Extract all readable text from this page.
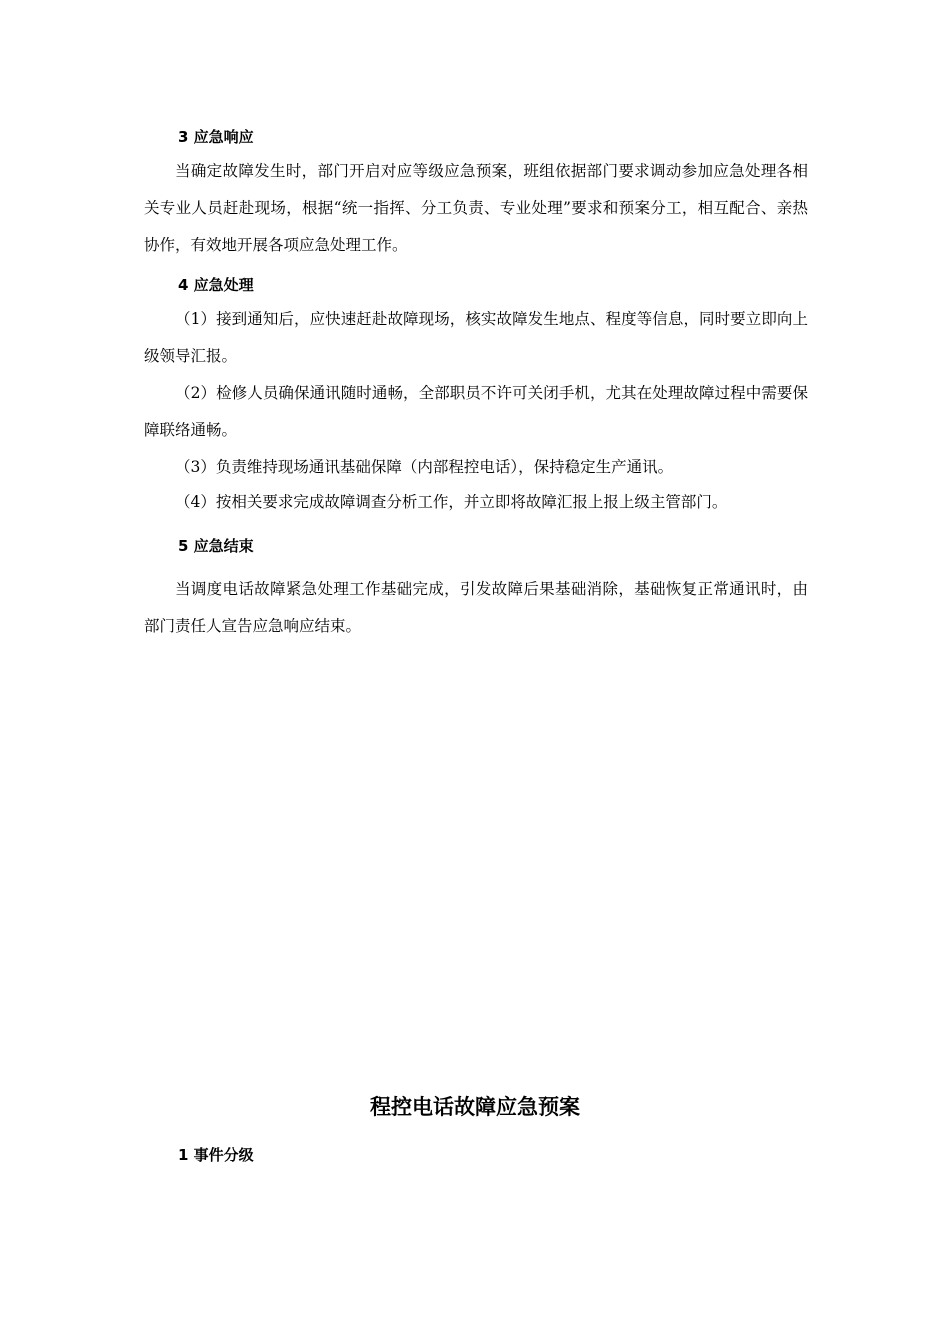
3 应急响应

当确定故障发生时，部门开启对应等级应急预案，班组依据部门要求调动参加应急处理各相关专业人员赶赴现场，根据“统一指挥、分工负责、专业处理”要求和预案分工，相互配合、亲热协作，有效地开展各项应急处理工作。

4 应急处理

（1）接到通知后，应快速赶赴故障现场，核实故障发生地点、程度等信息，同时要立即向上级领导汇报。

（2）检修人员确保通讯随时通畅，全部职员不许可关闭手机，尤其在处理故障过程中需要保障联络通畅。

（3）负责维持现场通讯基础保障（内部程控电话），保持稳定生产通讯。

（4）按相关要求完成故障调查分析工作，并立即将故障汇报上报上级主管部门。

5 应急结束

当调度电话故障紧急处理工作基础完成，引发故障后果基础消除，基础恢复正常通讯时，由部门责任人宣告应急响应结束。

程控电话故障应急预案
1 事件分级
